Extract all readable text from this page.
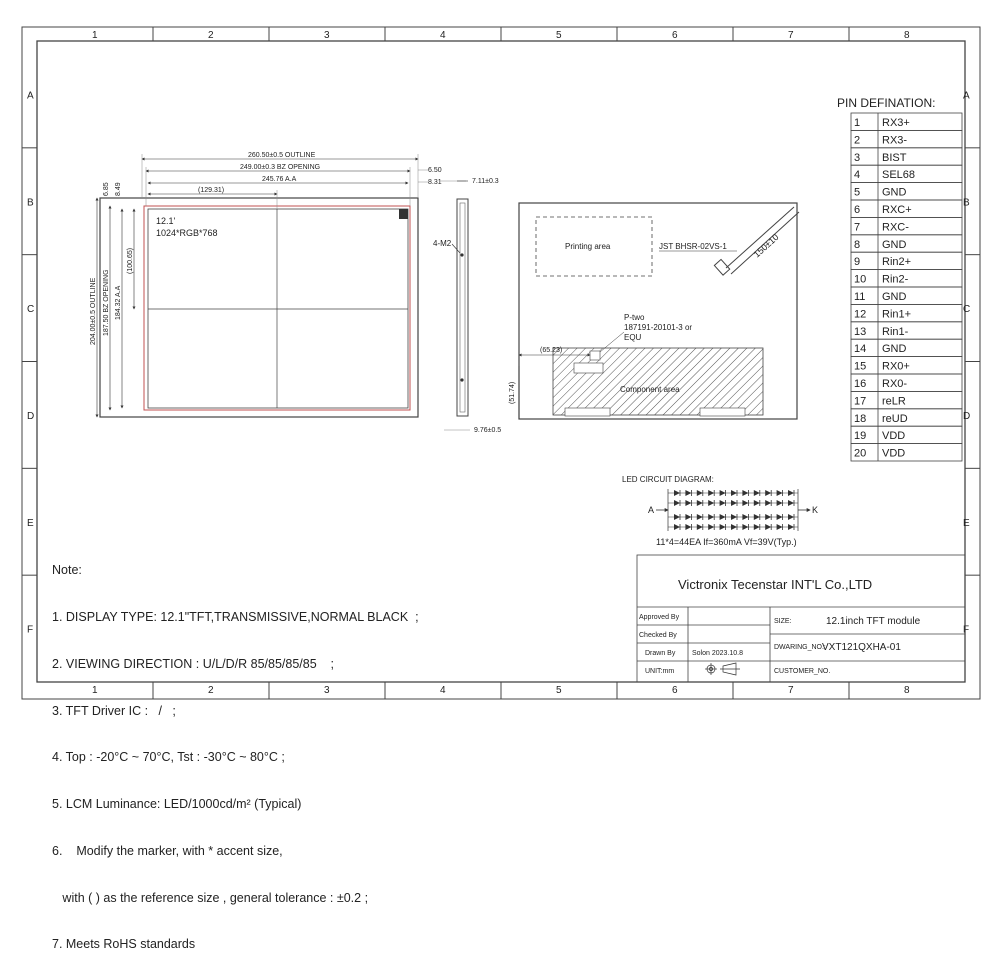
1
1
2
2
3
3
4
4
5
5
6
6
7
7
8
8
A	A
B	B
C	C
D	D
E	E
F	F
12.1'
1024*RGB*768
260.50±0.5 OUTLINE
249.00±0.3 BZ OPENING
245.76 A.A
(129.31)
6.50
8.31
204.00±0.5 OUTLINE 187.50 BZ OPENING 184.32 A.A
(100.65)
6.85 8.49
7.11±0.3
4-M2
9.76±0.5
Printing area	JST BHSR-02VS-1	150±10
Component area
P-two
187191-20101-3 or
EQU
(65.23)
(51.74)
PIN DEFINATION:
1 RX3+
2 RX3-
3 BIST
4 SEL68
5 GND
6 RXC+
7 RXC-
8 GND
9 Rin2+
10 Rin2-
11 GND
12 Rin1+
13 Rin1-
14 GND
15 RX0+
16 RX0-
17 reLR
18 reUD
19 VDD
20 VDD
LED CIRCUIT DIAGRAM:
A	K
11*4=44EA If=360mA Vf=39V(Typ.)
Victronix Tecenstar INT'L Co.,LTD
Approved By
Checked By
Drawn By Solon 2023.10.8
UNIT:mm
SIZE:	12.1inch TFT module
DWARING_NO.:
VXT121QXHA-01
CUSTOMER_NO.

Note:

1. DISPLAY TYPE: 12.1"TFT,TRANSMISSIVE,NORMAL BLACK  ;

2. VIEWING DIRECTION : U/L/D/R 85/85/85/85    ;

3. TFT Driver IC :   /   ;

4. Top : -20°C ~ 70°C, Tst : -30°C ~ 80°C ;

5. LCM Luminance: LED/1000cd/m² (Typical)

6.    Modify the marker, with * accent size,

with ( ) as the reference size , general tolerance : ±0.2 ;

7. Meets RoHS standards
